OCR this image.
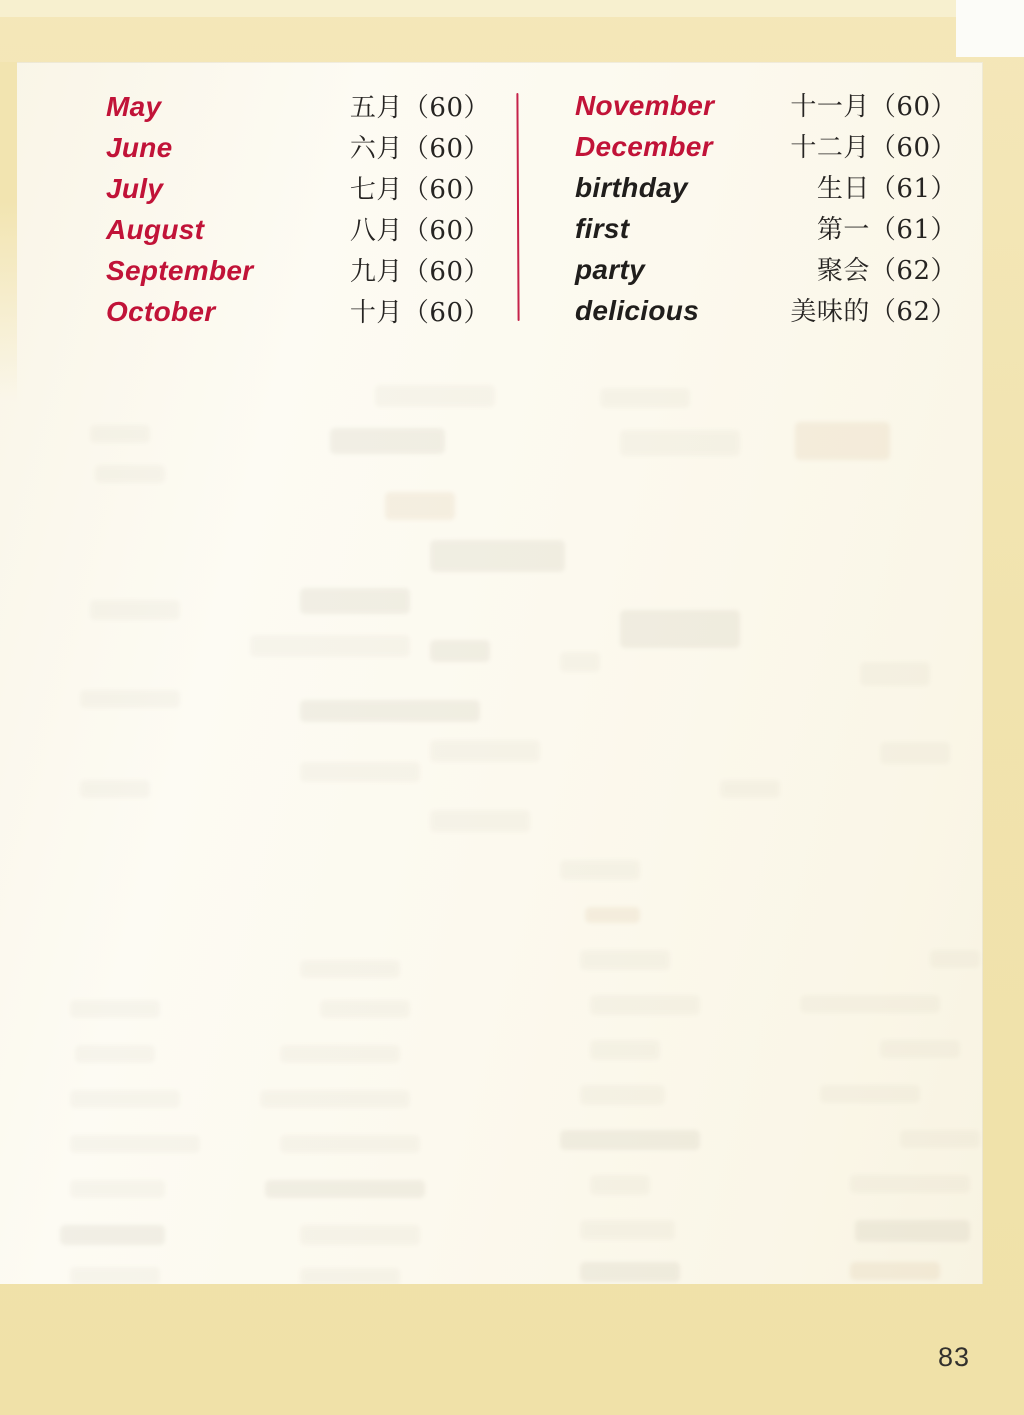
May	五月（60）
June	六月（60）
July	七月（60）
August	八月（60）
September	九月（60）
October	十月（60）
November	十一月（60）
December	十二月（60）
birthday	生日（61）
first	第一（61）
party	聚会（62）
delicious	美味的（62）
83
